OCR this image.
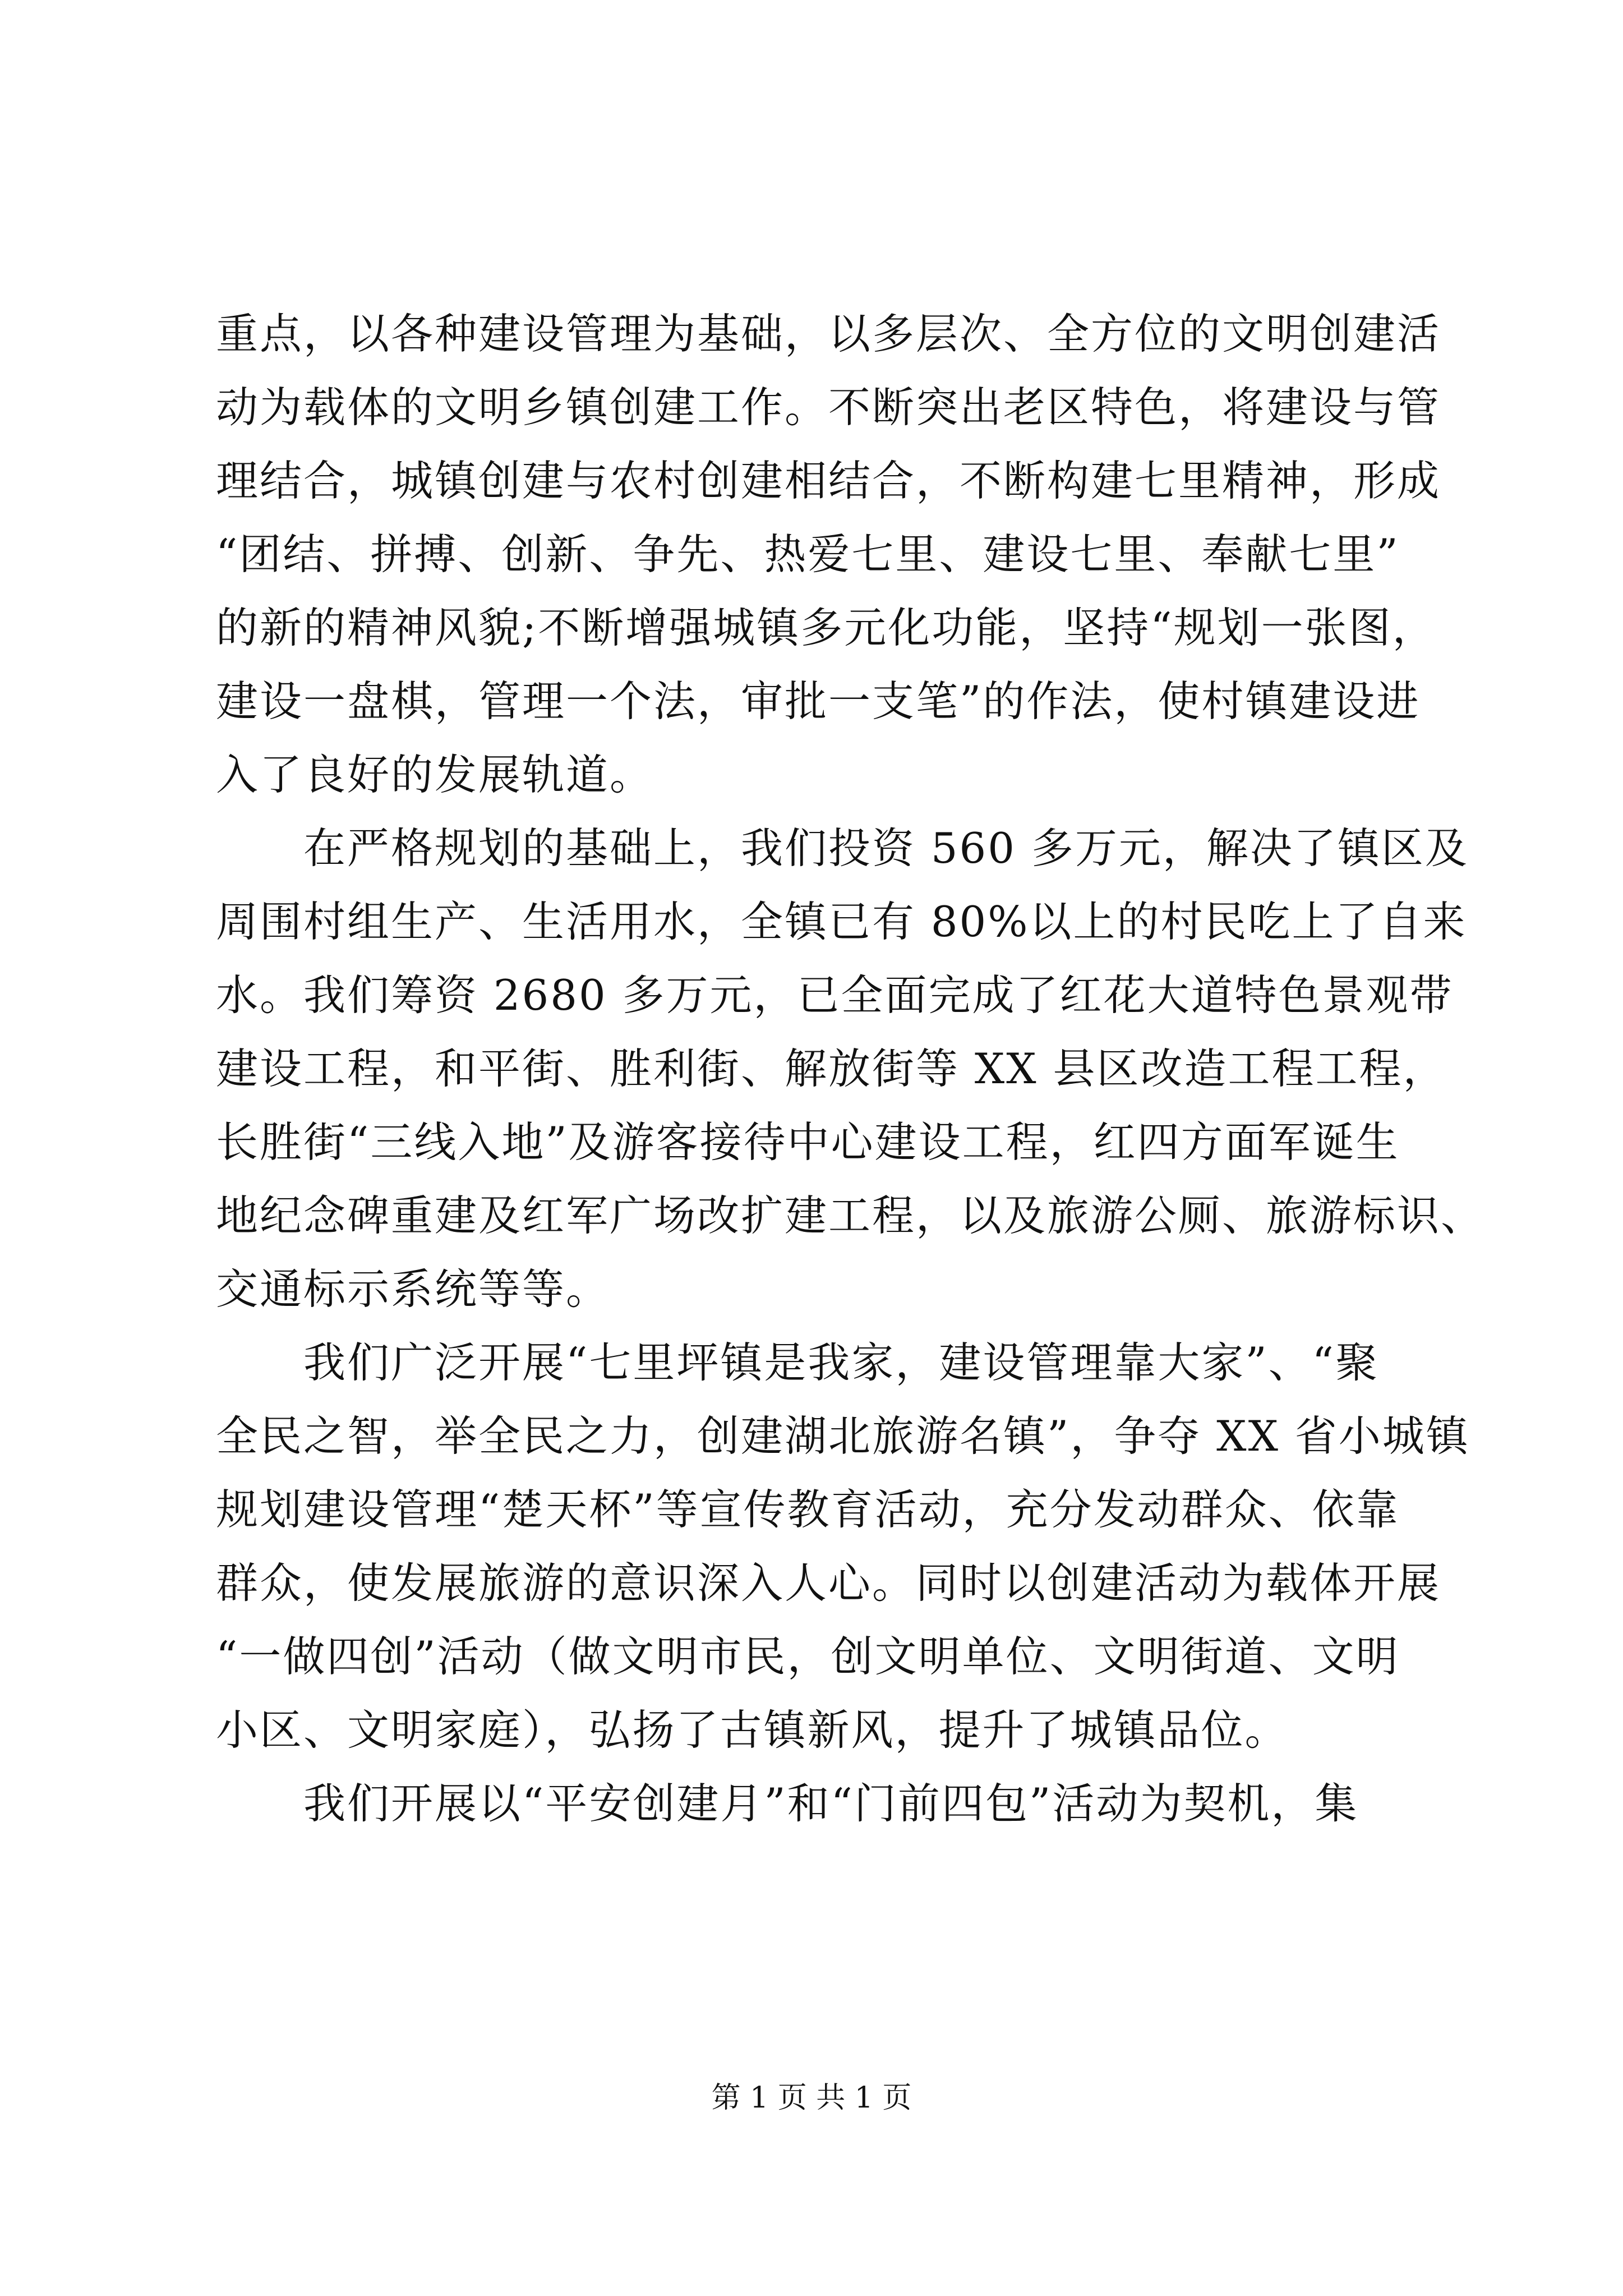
重点，以各种建设管理为基础，以多层次、全方位的文明创建活
动为载体的文明乡镇创建工作。不断突出老区特色，将建设与管
理结合，城镇创建与农村创建相结合，不断构建七里精神，形成
“团结、拼搏、创新、争先、热爱七里、建设七里、奉献七里”
的新的精神风貌;不断增强城镇多元化功能，坚持“规划一张图，
建设一盘棋，管理一个法，审批一支笔”的作法，使村镇建设进
入了良好的发展轨道。
　　在严格规划的基础上，我们投资 560 多万元，解决了镇区及
周围村组生产、生活用水，全镇已有 80%以上的村民吃上了自来
水。我们筹资 2680 多万元，已全面完成了红花大道特色景观带
建设工程，和平街、胜利街、解放街等 XX 县区改造工程工程，
长胜街“三线入地”及游客接待中心建设工程，红四方面军诞生
地纪念碑重建及红军广场改扩建工程，以及旅游公厕、旅游标识、
交通标示系统等等。
　　我们广泛开展“七里坪镇是我家，建设管理靠大家”、“聚
全民之智，举全民之力，创建湖北旅游名镇”，争夺 XX 省小城镇
规划建设管理“楚天杯”等宣传教育活动，充分发动群众、依靠
群众，使发展旅游的意识深入人心。同时以创建活动为载体开展
“一做四创”活动（做文明市民，创文明单位、文明街道、文明
小区、文明家庭），弘扬了古镇新风，提升了城镇品位。
　　我们开展以“平安创建月”和“门前四包”活动为契机，集
第 1 页 共 1 页
